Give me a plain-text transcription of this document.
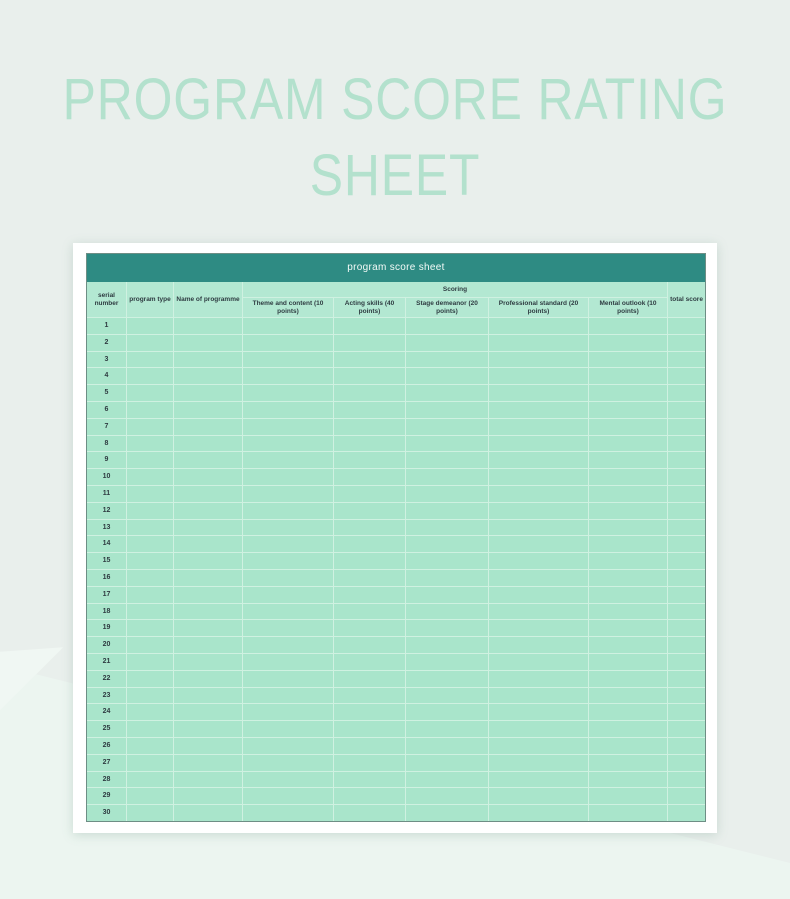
PROGRAM SCORE RATING
SHEET
program score sheet
serial number
program type Name of programme
Scoring
Theme and content (10 points)
Acting skills (40 points)
Stage demeanor (20 points)
Professional standard (20 points)
Mental outlook (10 points)
total score
1
2
3
4
5
6
7
8
9
10
11
12
13
14
15
16
17
18
19
20
21
22
23
24
25
26
27
28
29
30
